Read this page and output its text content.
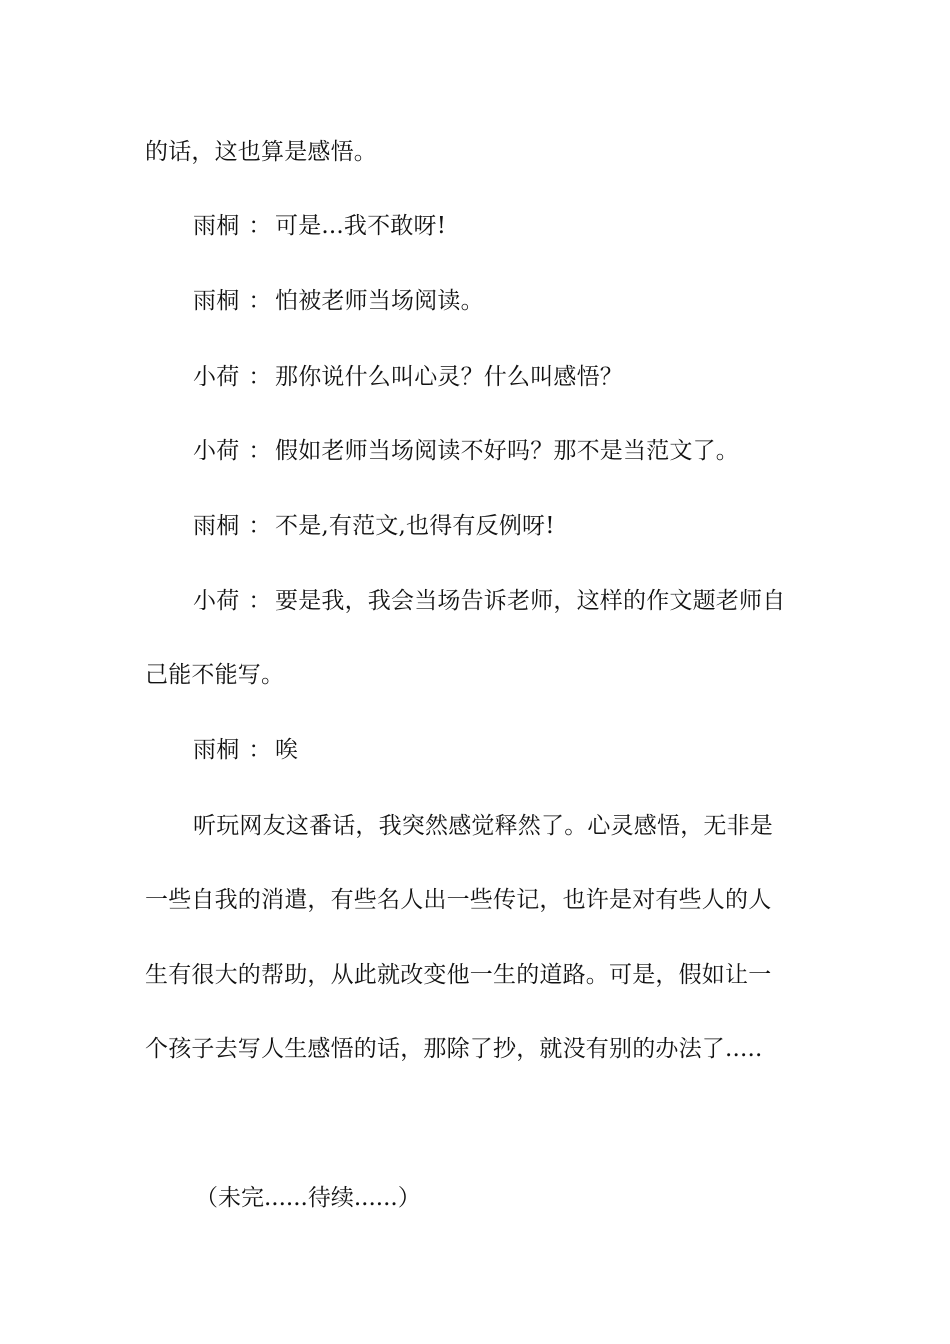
的话，这也算是感悟。
雨桐 ： 可是...我不敢呀!
雨桐 ： 怕被老师当场阅读。
小荷 ： 那你说什么叫心灵？什么叫感悟？
小荷 ： 假如老师当场阅读不好吗？那不是当范文了。
雨桐 ： 不是,有范文,也得有反例呀!
小荷 ： 要是我，我会当场告诉老师，这样的作文题老师自
己能不能写。
雨桐 ： 唉
听玩网友这番话，我突然感觉释然了。心灵感悟，无非是
一些自我的消遣，有些名人出一些传记，也许是对有些人的人
生有很大的帮助，从此就改变他一生的道路。可是，假如让一
个孩子去写人生感悟的话，那除了抄，就没有别的办法了.....
（未完......待续......）
